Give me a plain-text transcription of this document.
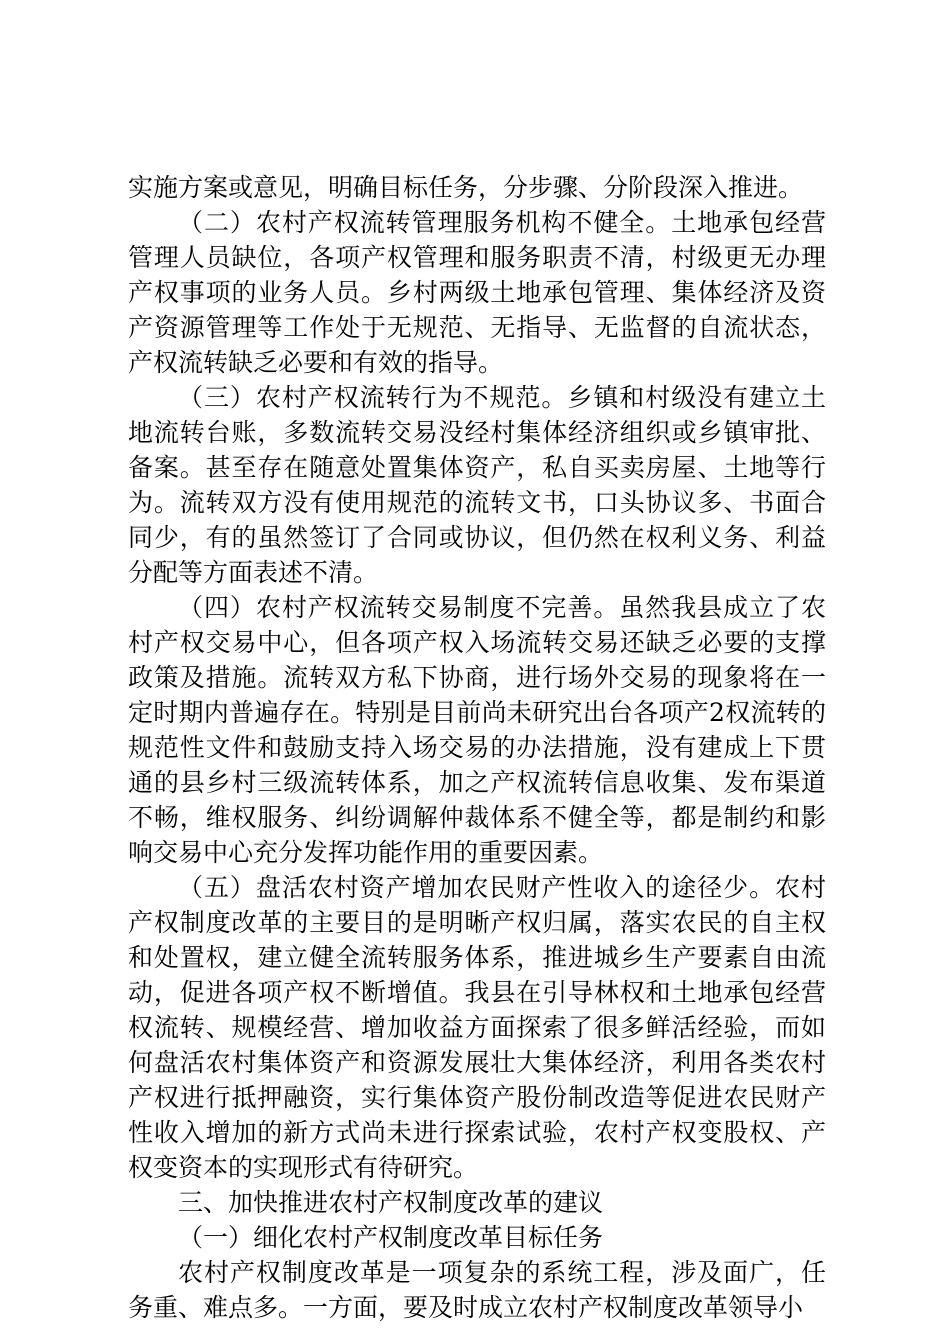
实施方案或意见，明确目标任务，分步骤、分阶段深入推进。

（二）农村产权流转管理服务机构不健全。土地承包经营管理人员缺位，各项产权管理和服务职责不清，村级更无办理产权事项的业务人员。乡村两级土地承包管理、集体经济及资产资源管理等工作处于无规范、无指导、无监督的自流状态，产权流转缺乏必要和有效的指导。

（三）农村产权流转行为不规范。乡镇和村级没有建立土地流转台账，多数流转交易没经村集体经济组织或乡镇审批、备案。甚至存在随意处置集体资产，私自买卖房屋、土地等行为。流转双方没有使用规范的流转文书，口头协议多、书面合同少，有的虽然签订了合同或协议，但仍然在权利义务、利益分配等方面表述不清。

（四）农村产权流转交易制度不完善。虽然我县成立了农村产权交易中心，但各项产权入场流转交易还缺乏必要的支撑政策及措施。流转双方私下协商，进行场外交易的现象将在一定时期内普遍存在。特别是目前尚未研究出台各项产2权流转的规范性文件和鼓励支持入场交易的办法措施，没有建成上下贯通的县乡村三级流转体系，加之产权流转信息收集、发布渠道不畅，维权服务、纠纷调解仲裁体系不健全等，都是制约和影响交易中心充分发挥功能作用的重要因素。

（五）盘活农村资产增加农民财产性收入的途径少。农村产权制度改革的主要目的是明晰产权归属，落实农民的自主权和处置权，建立健全流转服务体系，推进城乡生产要素自由流动，促进各项产权不断增值。我县在引导林权和土地承包经营权流转、规模经营、增加收益方面探索了很多鲜活经验，而如何盘活农村集体资产和资源发展壮大集体经济，利用各类农村产权进行抵押融资，实行集体资产股份制改造等促进农民财产性收入增加的新方式尚未进行探索试验，农村产权变股权、产权变资本的实现形式有待研究。

三、加快推进农村产权制度改革的建议

（一）细化农村产权制度改革目标任务

农村产权制度改革是一项复杂的系统工程，涉及面广，任务重、难点多。一方面，要及时成立农村产权制度改革领导小
